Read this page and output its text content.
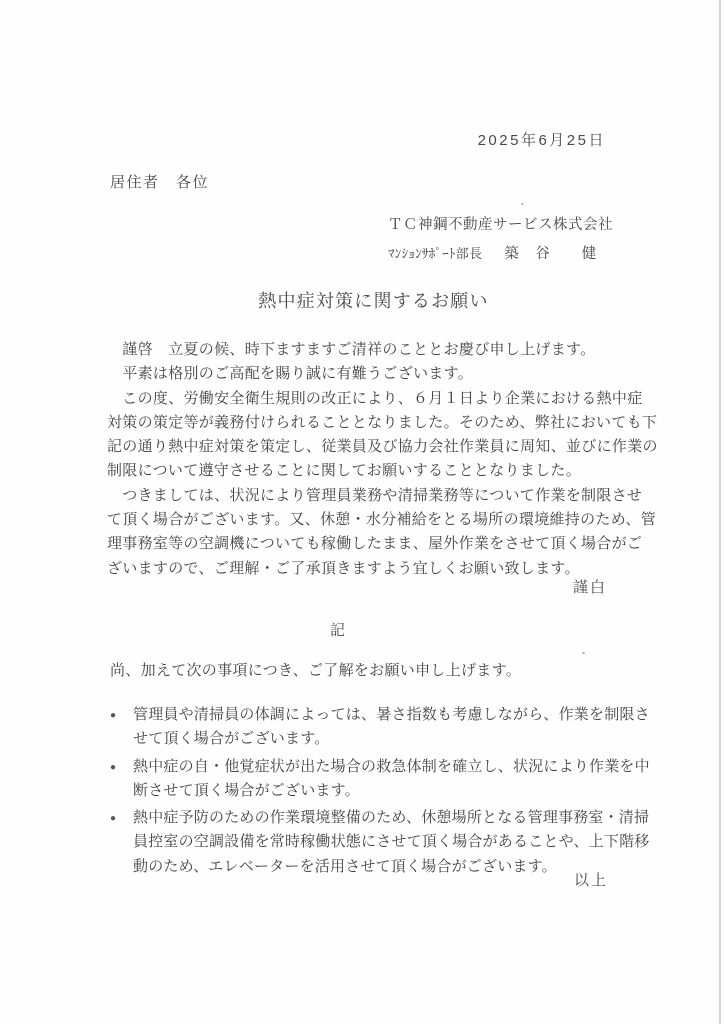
2025年6月25日
居住者　各位
ＴＣ神鋼不動産サービス株式会社
ﾏﾝｼｮﾝｻﾎﾟｰﾄ部長 築　谷　　健
熱中症対策に関するお願い
　謹啓　立夏の候、時下ますますご清祥のこととお慶び申し上げます。
　平素は格別のご高配を賜り誠に有難うございます。
　この度、労働安全衛生規則の改正により、６月１日より企業における熱中症
対策の策定等が義務付けられることとなりました。そのため、弊社においても下
記の通り熱中症対策を策定し、従業員及び協力会社作業員に周知、並びに作業の
制限について遵守させることに関してお願いすることとなりました。
　つきましては、状況により管理員業務や清掃業務等について作業を制限させ
て頂く場合がございます。又、休憩・水分補給をとる場所の環境維持のため、管
理事務室等の空調機についても稼働したまま、屋外作業をさせて頂く場合がご
ざいますので、ご理解・ご了承頂きますよう宜しくお願い致します。
謹白
記
尚、加えて次の事項につき、ご了解をお願い申し上げます。
●	管理員や清掃員の体調によっては、暑さ指数も考慮しながら、作業を制限さ
せて頂く場合がございます。
●	熱中症の自・他覚症状が出た場合の救急体制を確立し、状況により作業を中
断させて頂く場合がございます。
●	熱中症予防のための作業環境整備のため、休憩場所となる管理事務室・清掃
員控室の空調設備を常時稼働状態にさせて頂く場合があることや、上下階移
動のため、エレベーターを活用させて頂く場合がございます。
以上
